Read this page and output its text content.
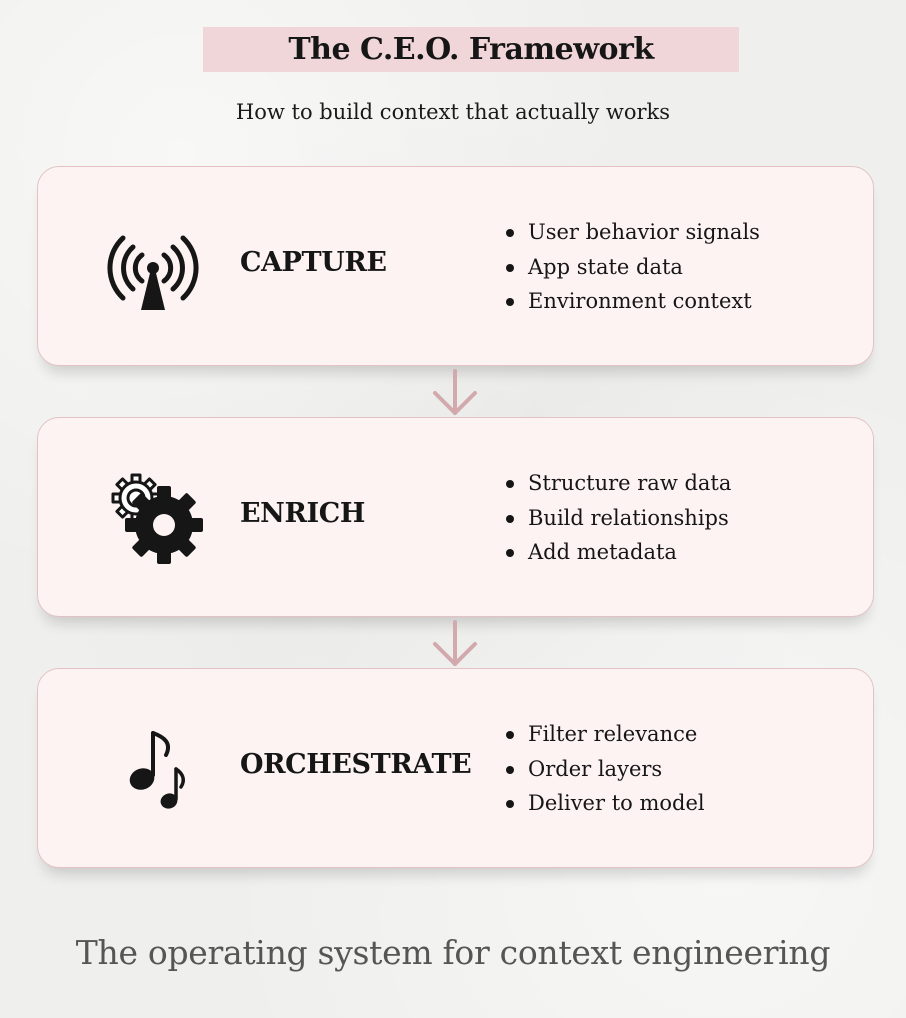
The C.E.O. Framework
How to build context that actually works
CAPTURE
User behavior signals
App state data
Environment context
ENRICH
Structure raw data
Build relationships
Add metadata
ORCHESTRATE
Filter relevance
Order layers
Deliver to model
The operating system for context engineering
